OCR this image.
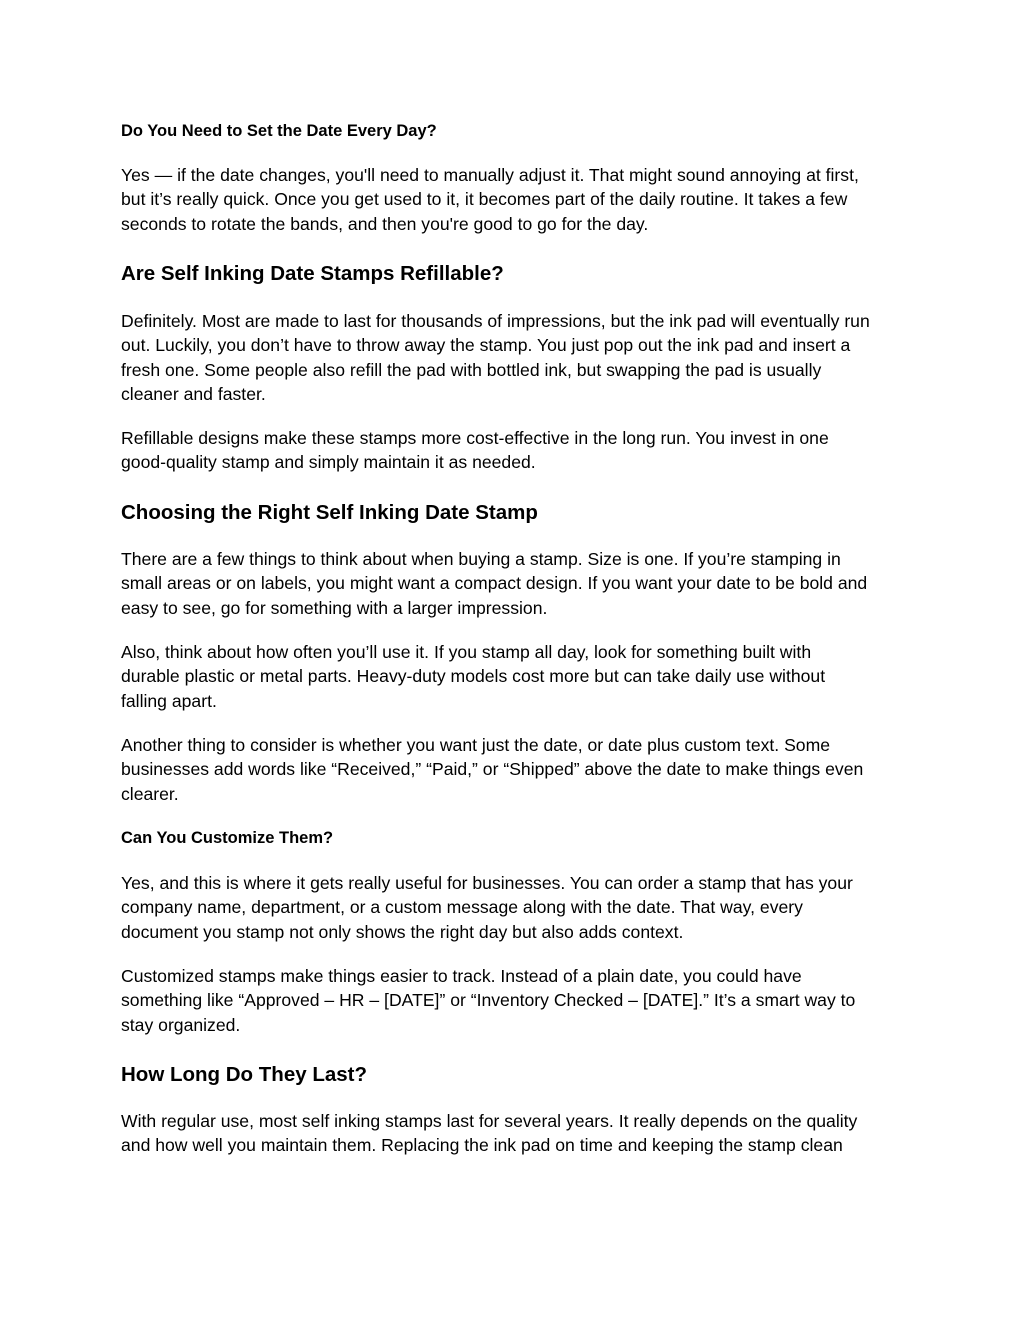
Do You Need to Set the Date Every Day?
Yes — if the date changes, you'll need to manually adjust it. That might sound annoying at first,
but it’s really quick. Once you get used to it, it becomes part of the daily routine. It takes a few
seconds to rotate the bands, and then you're good to go for the day.
Are Self Inking Date Stamps Refillable?
Definitely. Most are made to last for thousands of impressions, but the ink pad will eventually run
out. Luckily, you don’t have to throw away the stamp. You just pop out the ink pad and insert a
fresh one. Some people also refill the pad with bottled ink, but swapping the pad is usually
cleaner and faster.
Refillable designs make these stamps more cost-effective in the long run. You invest in one
good-quality stamp and simply maintain it as needed.
Choosing the Right Self Inking Date Stamp
There are a few things to think about when buying a stamp. Size is one. If you’re stamping in
small areas or on labels, you might want a compact design. If you want your date to be bold and
easy to see, go for something with a larger impression.
Also, think about how often you’ll use it. If you stamp all day, look for something built with
durable plastic or metal parts. Heavy-duty models cost more but can take daily use without
falling apart.
Another thing to consider is whether you want just the date, or date plus custom text. Some
businesses add words like “Received,” “Paid,” or “Shipped” above the date to make things even
clearer.
Can You Customize Them?
Yes, and this is where it gets really useful for businesses. You can order a stamp that has your
company name, department, or a custom message along with the date. That way, every
document you stamp not only shows the right day but also adds context.
Customized stamps make things easier to track. Instead of a plain date, you could have
something like “Approved – HR – [DATE]” or “Inventory Checked – [DATE].” It’s a smart way to
stay organized.
How Long Do They Last?
With regular use, most self inking stamps last for several years. It really depends on the quality
and how well you maintain them. Replacing the ink pad on time and keeping the stamp clean
